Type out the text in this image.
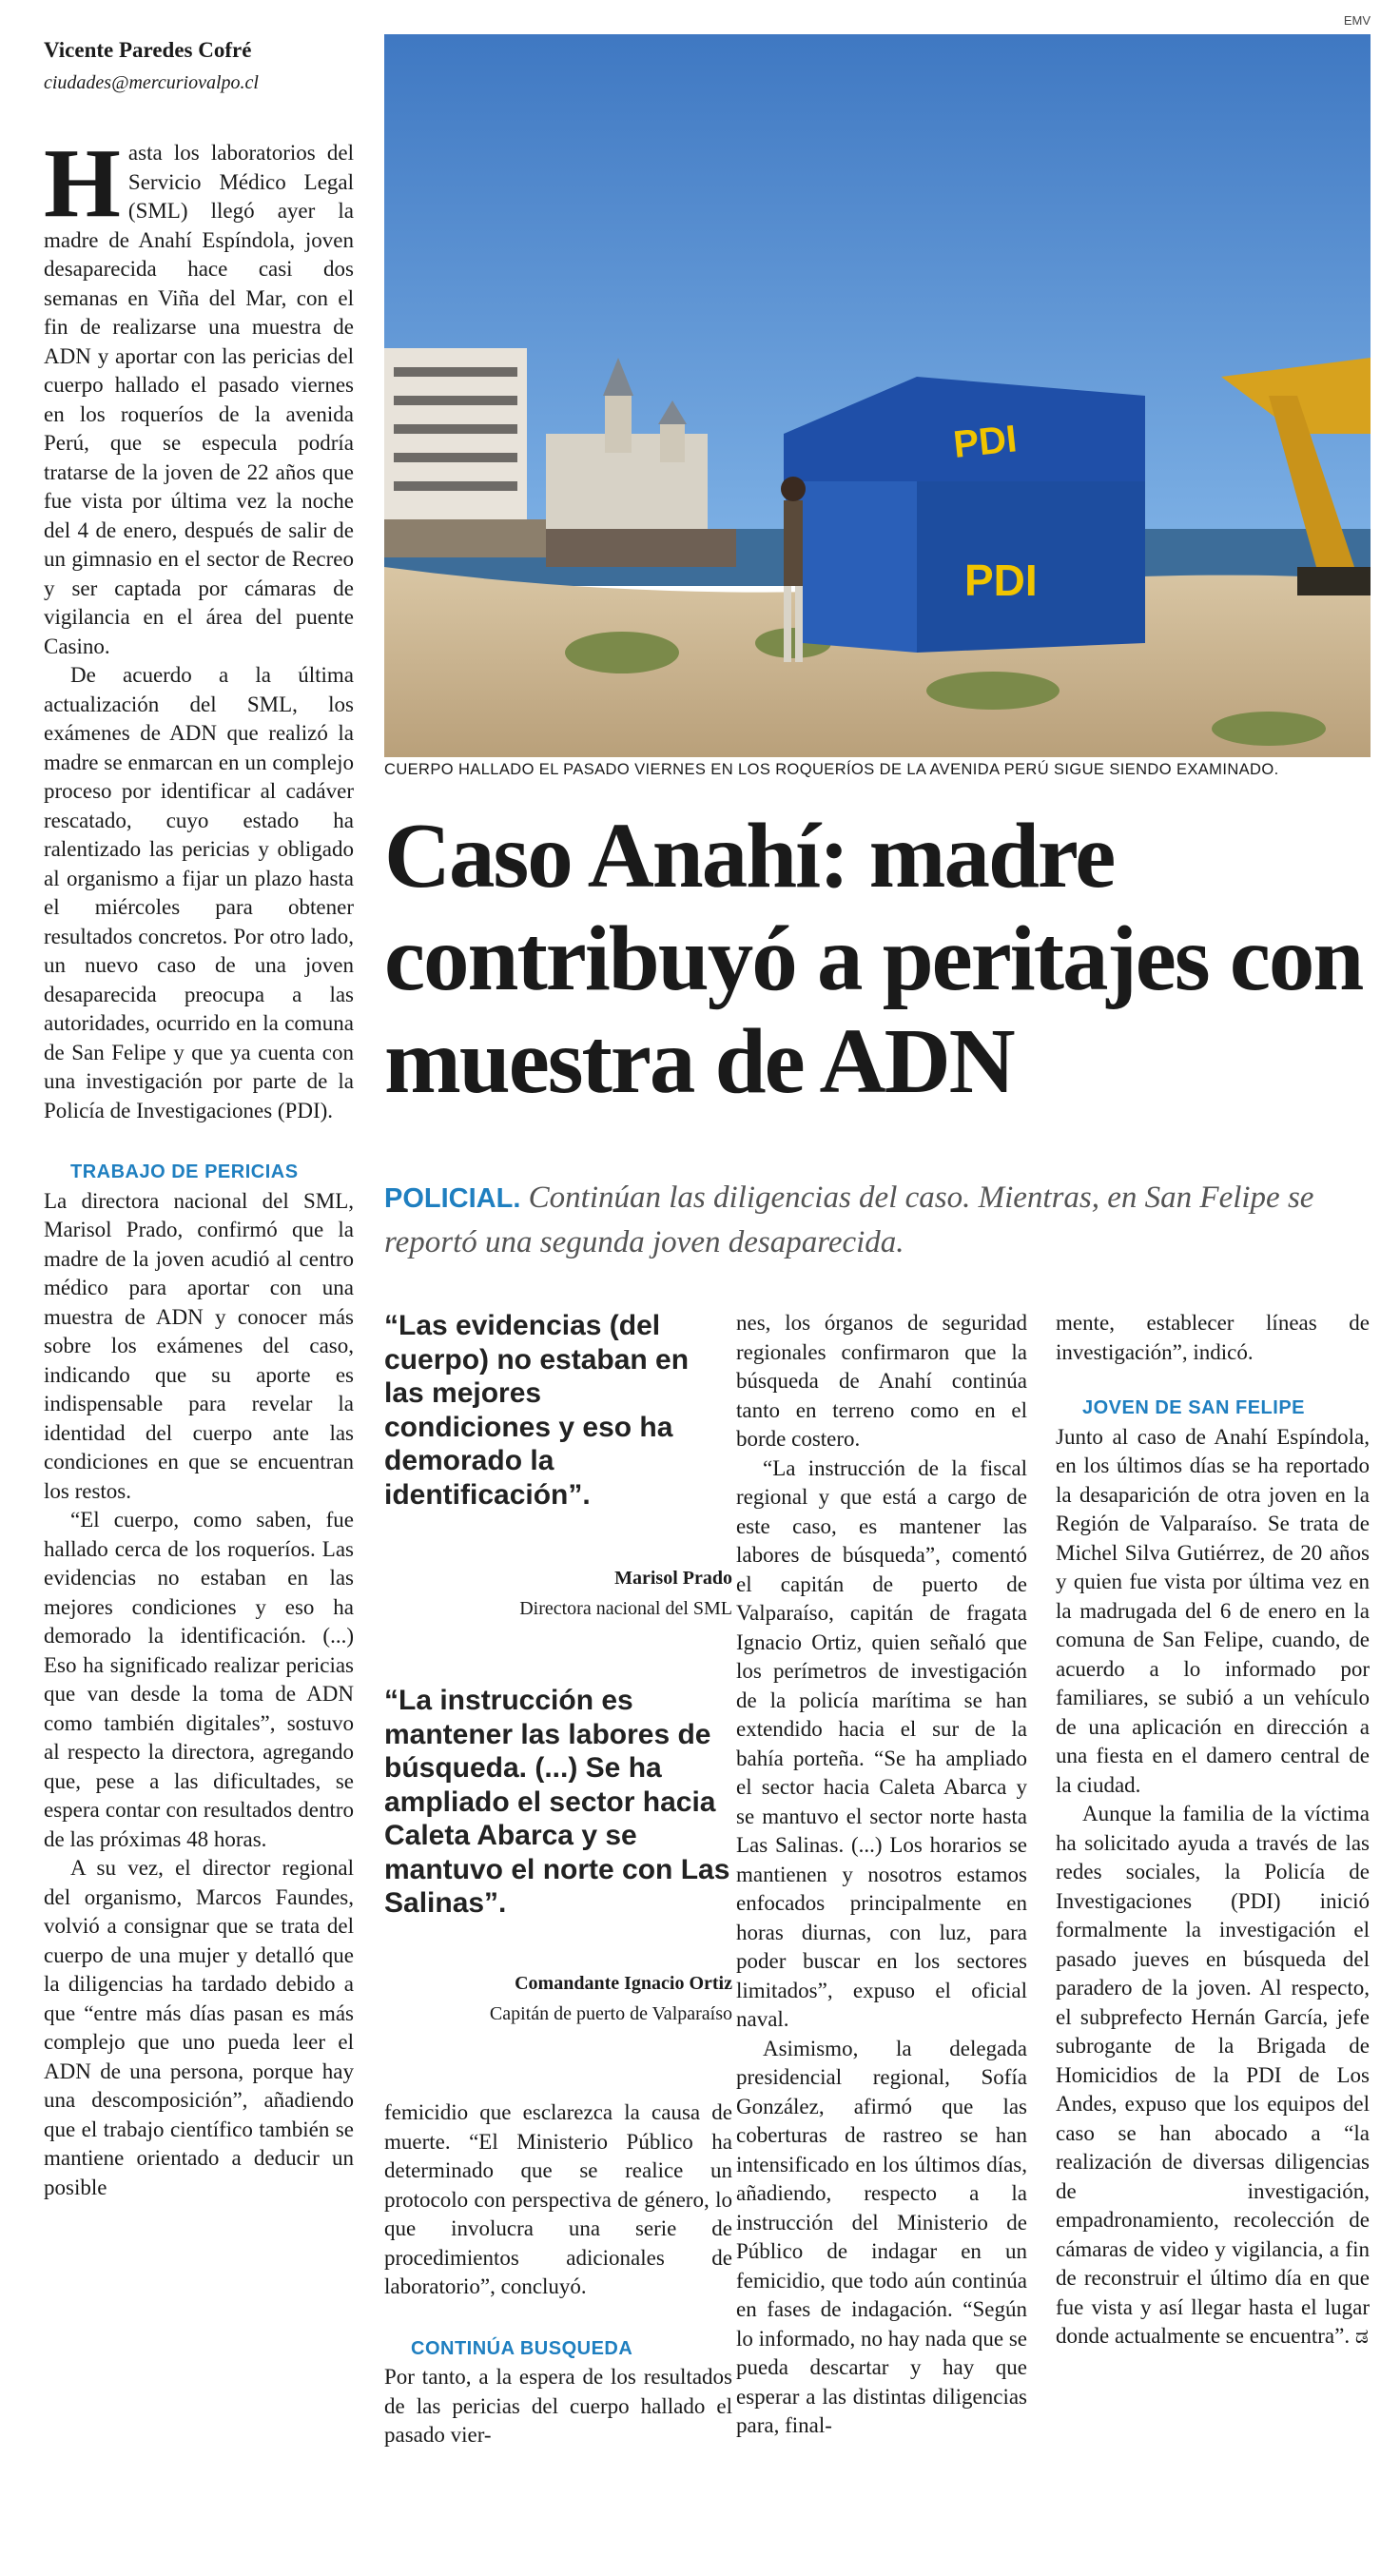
Vicente Paredes Cofré
ciudades@mercuriovalpo.cl

Hasta los laboratorios del Servicio Médico Legal (SML) llegó ayer la madre de Anahí Espíndola, joven desaparecida hace casi dos semanas en Viña del Mar, con el fin de realizarse una muestra de ADN y aportar con las pericias del cuerpo hallado el pasado viernes en los roqueríos de la avenida Perú, que se especula podría tratarse de la joven de 22 años que fue vista por última vez la noche del 4 de enero, después de salir de un gimnasio en el sector de Recreo y ser captada por cámaras de vigilancia en el área del puente Casino.

De acuerdo a la última actualización del SML, los exámenes de ADN que realizó la madre se enmarcan en un complejo proceso por identificar al cadáver rescatado, cuyo estado ha ralentizado las pericias y obligado al organismo a fijar un plazo hasta el miércoles para obtener resultados concretos. Por otro lado, un nuevo caso de una joven desaparecida preocupa a las autoridades, ocurrido en la comuna de San Felipe y que ya cuenta con una investigación por parte de la Policía de Investigaciones (PDI).

TRABAJO DE PERICIAS

La directora nacional del SML, Marisol Prado, confirmó que la madre de la joven acudió al centro médico para aportar con una muestra de ADN y conocer más sobre los exámenes del caso, indicando que su aporte es indispensable para revelar la identidad del cuerpo ante las condiciones en que se encuentran los restos.

“El cuerpo, como saben, fue hallado cerca de los roqueríos. Las evidencias no estaban en las mejores condiciones y eso ha demorado la identificación. (...) Eso ha significado realizar pericias que van desde la toma de ADN como también digitales”, sostuvo al respecto la directora, agregando que, pese a las dificultades, se espera contar con resultados dentro de las próximas 48 horas.

A su vez, el director regional del organismo, Marcos Faundes, volvió a consignar que se trata del cuerpo de una mujer y detalló que la diligencias ha tardado debido a que “entre más días pasan es más complejo que uno pueda leer el ADN de una persona, porque hay una descomposición”, añadiendo que el trabajo científico también se mantiene orientado a deducir un posible

PDI
PDI
EMV
CUERPO HALLADO EL PASADO VIERNES EN LOS ROQUERÍOS DE LA AVENIDA PERÚ SIGUE SIENDO EXAMINADO.
Caso Anahí: madre contribuyó a peritajes con muestra de ADN
POLICIAL. Continúan las diligencias del caso. Mientras, en San Felipe se reportó una segunda joven desaparecida.
“Las evidencias (del cuerpo) no estaban en las mejores condiciones y eso ha demorado la identificación”.
Marisol Prado
Directora nacional del SML
“La instrucción es mantener las labores de búsqueda. (...) Se ha ampliado el sector hacia Caleta Abarca y se mantuvo el norte con Las Salinas”.
Comandante Ignacio Ortiz
Capitán de puerto de Valparaíso

femicidio que esclarezca la causa de muerte. “El Ministerio Público ha determinado que se realice un protocolo con perspectiva de género, lo que involucra una serie de procedimientos adicionales de laboratorio”, concluyó.

CONTINÚA BUSQUEDA

Por tanto, a la espera de los resultados de las pericias del cuerpo hallado el pasado vier-

nes, los órganos de seguridad regionales confirmaron que la búsqueda de Anahí continúa tanto en terreno como en el borde costero.

“La instrucción de la fiscal regional y que está a cargo de este caso, es mantener las labores de búsqueda”, comentó el capitán de puerto de Valparaíso, capitán de fragata Ignacio Ortiz, quien señaló que los perímetros de investigación de la policía marítima se han extendido hacia el sur de la bahía porteña. “Se ha ampliado el sector hacia Caleta Abarca y se mantuvo el sector norte hasta Las Salinas. (...) Los horarios se mantienen y nosotros estamos enfocados principalmente en horas diurnas, con luz, para poder buscar en los sectores limitados”, expuso el oficial naval.

Asimismo, la delegada presidencial regional, Sofía González, afirmó que las coberturas de rastreo se han intensificado en los últimos días, añadiendo, respecto a la instrucción del Ministerio de Público de indagar en un femicidio, que todo aún continúa en fases de indagación. “Según lo informado, no hay nada que se pueda descartar y hay que esperar a las distintas diligencias para, final-

mente, establecer líneas de investigación”, indicó.

JOVEN DE SAN FELIPE

Junto al caso de Anahí Espíndola, en los últimos días se ha reportado la desaparición de otra joven en la Región de Valparaíso. Se trata de Michel Silva Gutiérrez, de 20 años y quien fue vista por última vez en la madrugada del 6 de enero en la comuna de San Felipe, cuando, de acuerdo a lo informado por familiares, se subió a un vehículo de una aplicación en dirección a una fiesta en el damero central de la ciudad.

Aunque la familia de la víctima ha solicitado ayuda a través de las redes sociales, la Policía de Investigaciones (PDI) inició formalmente la investigación el pasado jueves en búsqueda del paradero de la joven. Al respecto, el subprefecto Hernán García, jefe subrogante de la Brigada de Homicidios de la PDI de Los Andes, expuso que los equipos del caso se han abocado a “la realización de diversas diligencias de investigación, empadronamiento, recolección de cámaras de video y vigilancia, a fin de reconstruir el último día en que fue vista y así llegar hasta el lugar donde actualmente se encuentra”. ಡ
